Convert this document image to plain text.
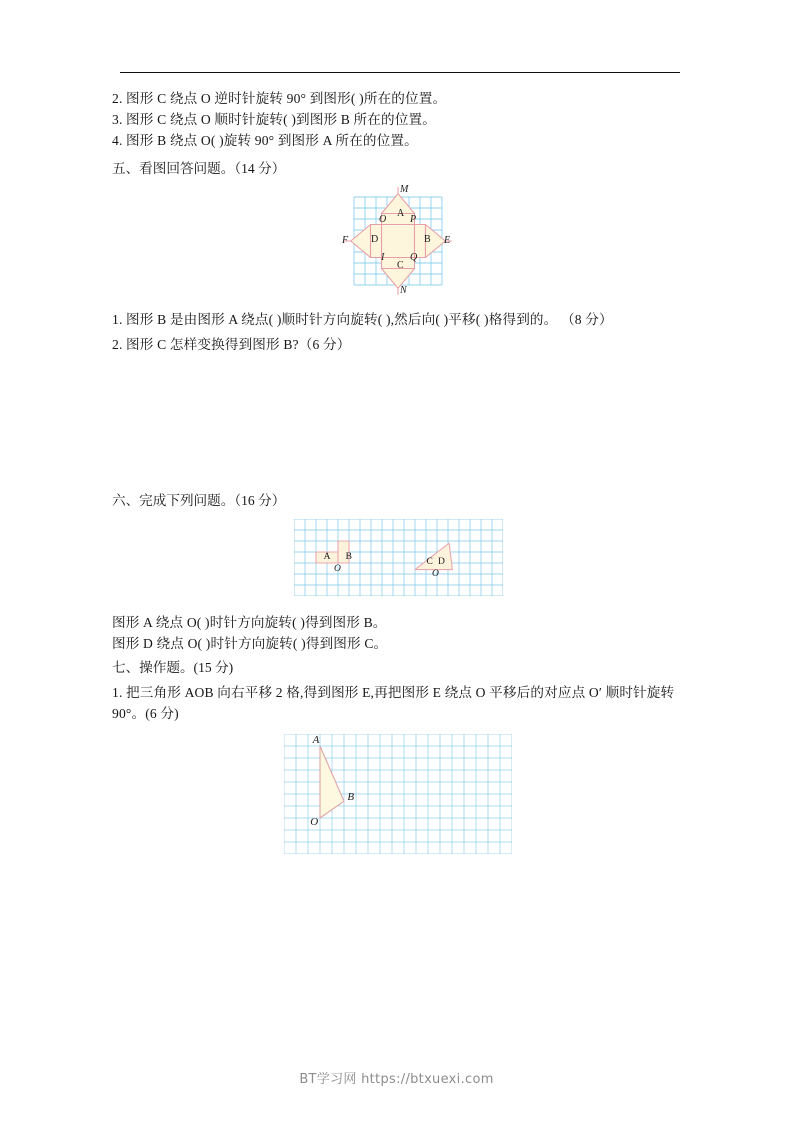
2. 图形 C 绕点 O 逆时针旋转 90° 到图形( )所在的位置。
3. 图形 C 绕点 O 顺时针旋转( )到图形 B 所在的位置。
4. 图形 B 绕点 O( )旋转 90° 到图形 A 所在的位置。
五、看图回答问题。（14 分）
M
N
F	E
O P
I	Q
A
B
C
D
1. 图形 B 是由图形 A 绕点( )顺时针方向旋转( ),然后向( )平移( )格得到的。 （8 分）
2. 图形 C 怎样变换得到图形 B?（6 分）
六、完成下列问题。（16 分）
A B
O
C D
O
图形 A 绕点 O( )时针方向旋转( )得到图形 B。
图形 D 绕点 O( )时针方向旋转( )得到图形 C。
七、操作题。(15 分)
1. 把三角形 AOB 向右平移 2 格,得到图形 E,再把图形 E 绕点 O 平移后的对应点 O′ 顺时针旋转 90°。(6 分)
A
B
O
BT学习网 https://btxuexi.com
